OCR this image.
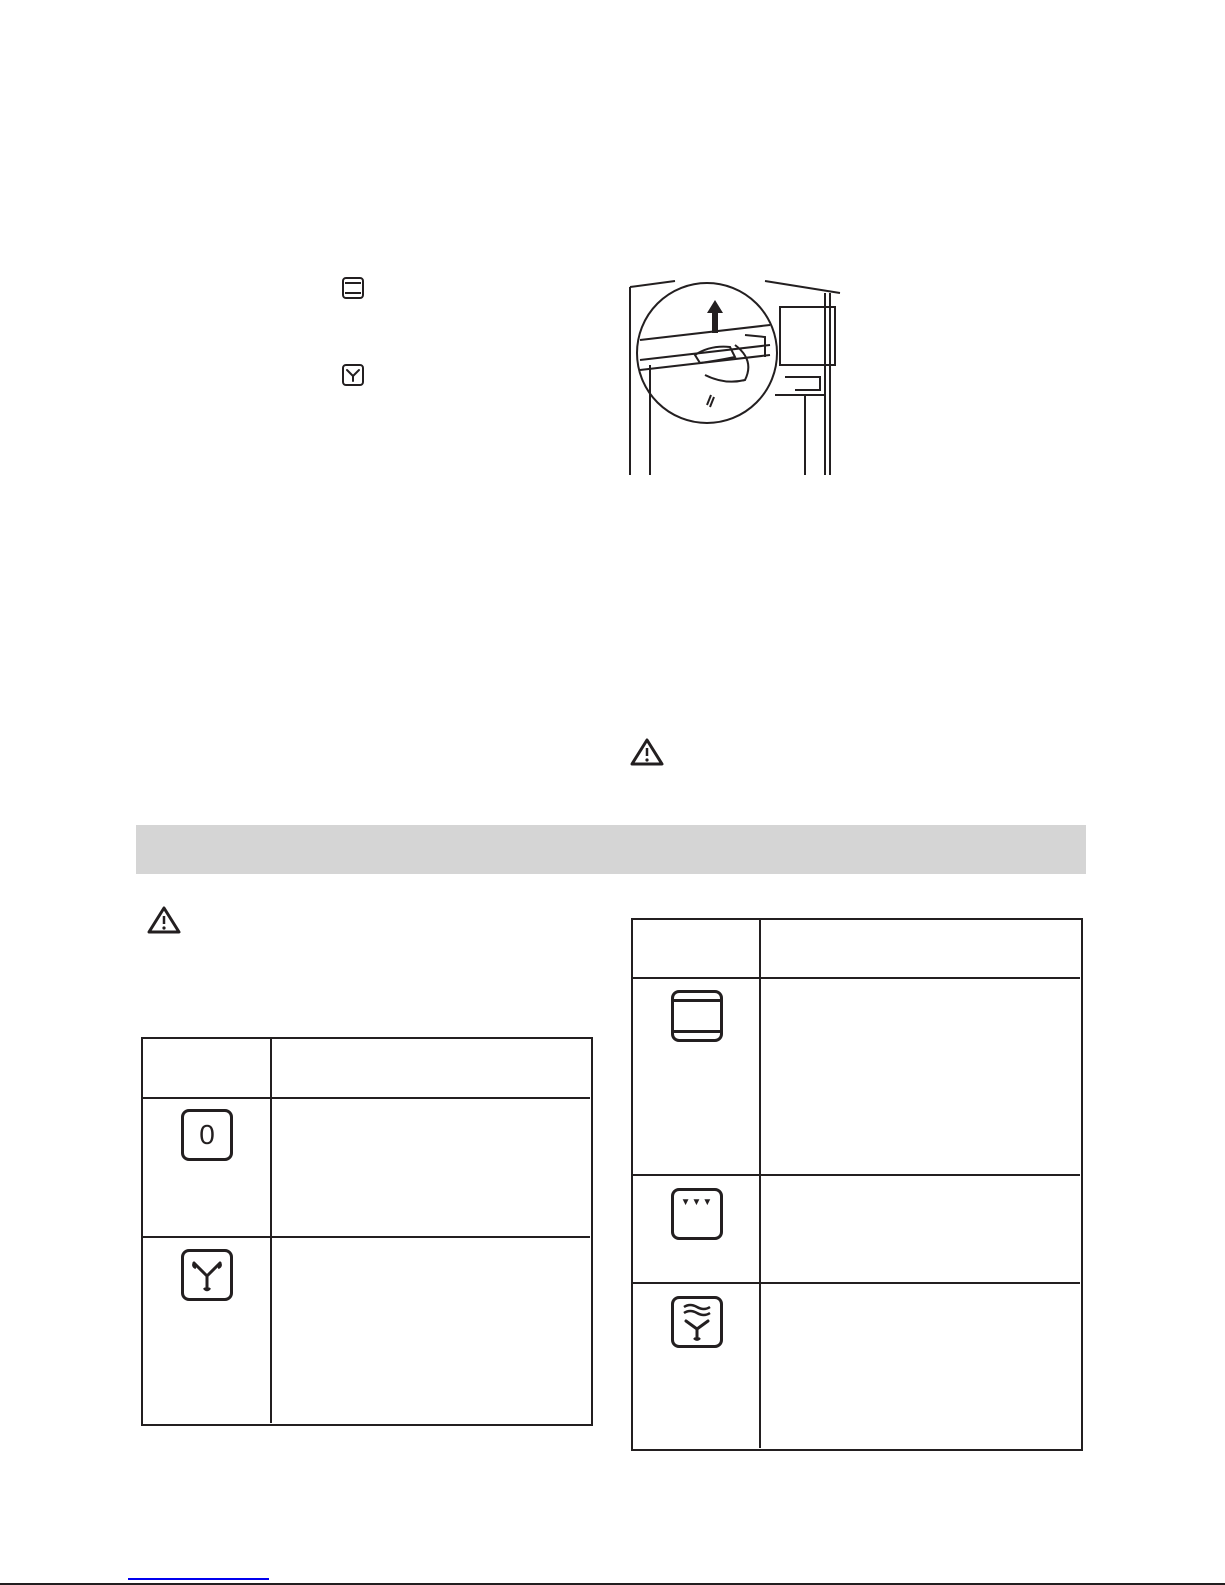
0
▼▼▼
